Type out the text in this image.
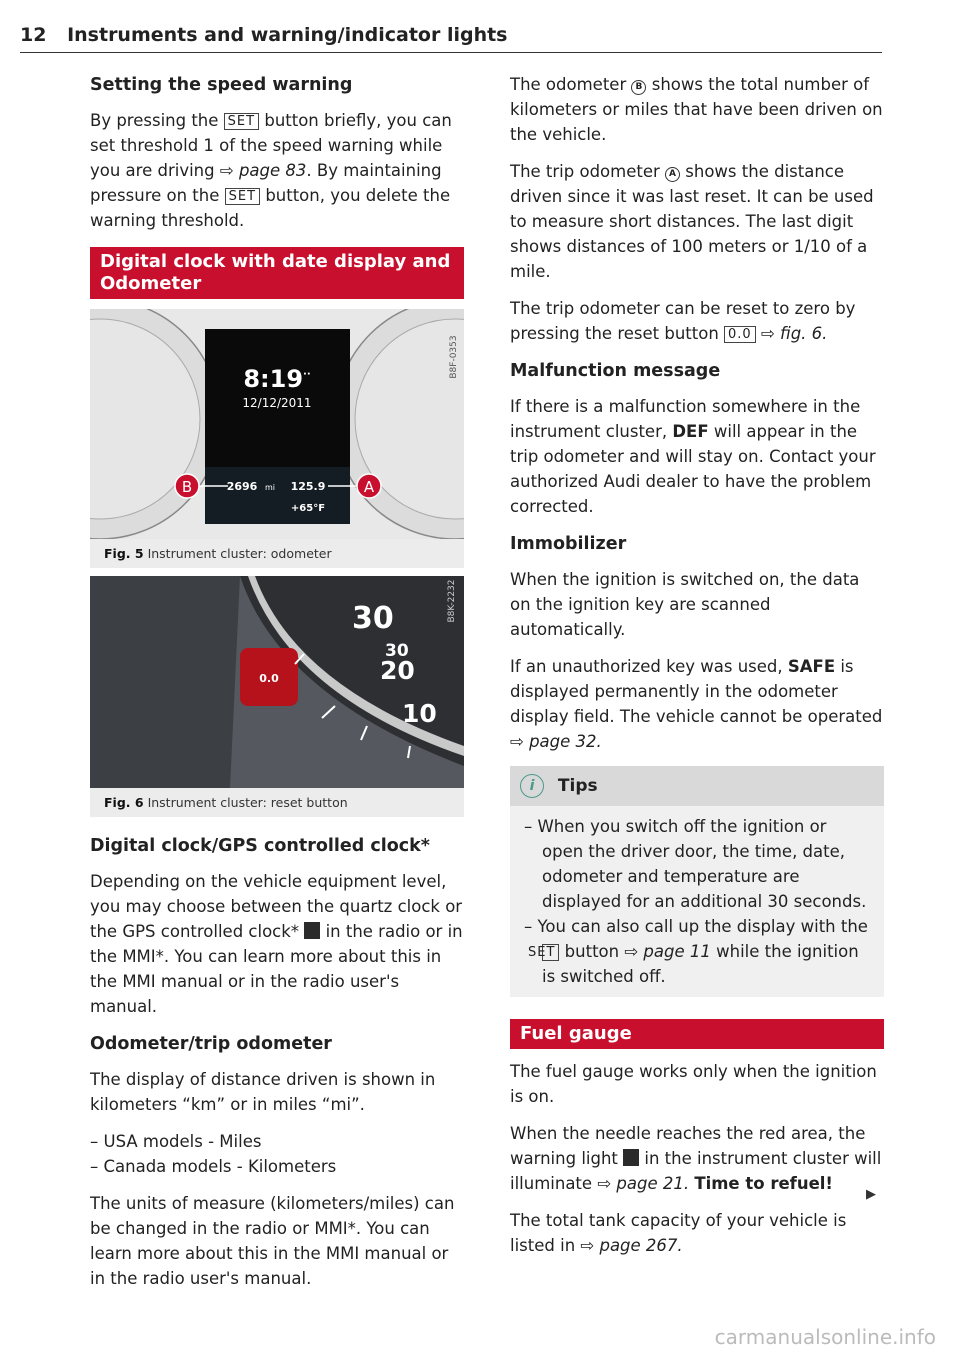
12 Instruments and warning/indicator lights
Setting the speed warning

By pressing the SET button briefly, you can set threshold 1 of the speed warning while you are driving ⇨ page 83. By maintaining pressure on the SET button, you delete the warning threshold.

Digital clock with date display and Odometer
8:19··
12/12/2011
2696 mi 125.9
+65°F
B	A
B8F-0353
Fig. 5 Instrument cluster: odometer
0.0
30
30
20
10
B8K-2232
Fig. 6 Instrument cluster: reset button
Digital clock/GPS controlled clock*

Depending on the vehicle equipment level, you may choose between the quartz clock or the GPS controlled clock* in the radio or in the MMI*. You can learn more about this in the MMI manual or in the radio user's manual.

Odometer/trip odometer

The display of distance driven is shown in kilometers “km” or in miles “mi”.

– USA models - Miles
– Canada models - Kilometers

The units of measure (kilometers/miles) can be changed in the radio or MMI*. You can learn more about this in the MMI manual or in the radio user's manual.

The odometer B shows the total number of kilometers or miles that have been driven on the vehicle.

The trip odometer A shows the distance driven since it was last reset. It can be used to measure short distances. The last digit shows distances of 100 meters or 1/10 of a mile.

The trip odometer can be reset to zero by pressing the reset button 0.0 ⇨ fig. 6.

Malfunction message

If there is a malfunction somewhere in the instrument cluster, DEF will appear in the trip odometer and will stay on. Contact your authorized Audi dealer to have the problem corrected.

Immobilizer

When the ignition is switched on, the data on the ignition key are scanned automatically.

If an unauthorized key was used, SAFE is displayed permanently in the odometer display field. The vehicle cannot be operated ⇨ page 32.

i Tips
– When you switch off the ignition or open the driver door, the time, date, odometer and temperature are displayed for an additional 30 seconds.
– You can also call up the display with the SET button ⇨ page 11 while the ignition is switched off.
Fuel gauge

The fuel gauge works only when the ignition is on.

When the needle reaches the red area, the warning light in the instrument cluster will illuminate ⇨ page 21. Time to refuel!

The total tank capacity of your vehicle is listed in ⇨ page 267.

▶
carmanualsonline.info
